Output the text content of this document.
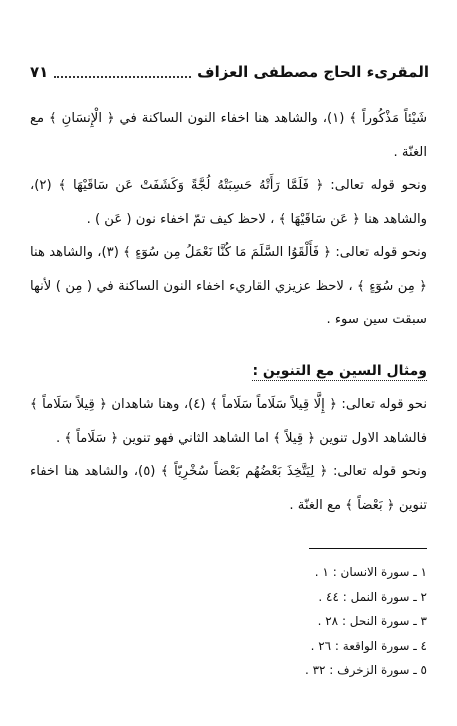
المقرىء الحاج مصطفى العزاف
٧١

شَيْئاً مَذْكُوراً ﴾ (١)، والشاهد هنا اخفاء النون الساكنة في ﴿ الْإِنسَانِ ﴾ مع الغنّة .

ونحو قوله تعالى: ﴿ فَلَمَّا رَأَتْهُ حَسِبَتْهُ لُجَّةً وَكَشَفَتْ عَن سَاقَيْهَا ﴾ (٢)، والشاهد هنا ﴿ عَن سَاقَيْهَا ﴾ ، لاحظ كيف تمّ اخفاء نون ( عَن ) .

ونحو قوله تعالى: ﴿ فَأَلْقَوُا السَّلَمَ مَا كُنَّا نَعْمَلُ مِن سُوٓءٍ ﴾ (٣)، والشاهد هنا ﴿ مِن سُوٓءٍ ﴾ ، لاحظ عزيزي القاريء اخفاء النون الساكنة في ( مِن ) لأنها سبقت سين سوء .

ومثال السين مع التنوين :

نحو قوله تعالى: ﴿ إِلَّا قِيلاً سَلَاماً سَلَاماً ﴾ (٤)، وهنا شاهدان ﴿ قِيلاً سَلَاماً ﴾ فالشاهد الاول تنوين ﴿ قِيلاً ﴾ اما الشاهد الثاني فهو تنوين ﴿ سَلَاماً ﴾ .

ونحو قوله تعالى: ﴿ لِيَتَّخِذَ بَعْضُهُم بَعْضاً سُخْرِيّاً ﴾ (٥)، والشاهد هنا اخفاء تنوين ﴿ بَعْضاً ﴾ مع الغنّة .

١ ـ سورة الانسان : ١ .
٢ ـ سورة النمل : ٤٤ .
٣ ـ سورة النحل : ٢٨ .
٤ ـ سورة الواقعة : ٢٦ .
٥ ـ سورة الزخرف : ٣٢ .
